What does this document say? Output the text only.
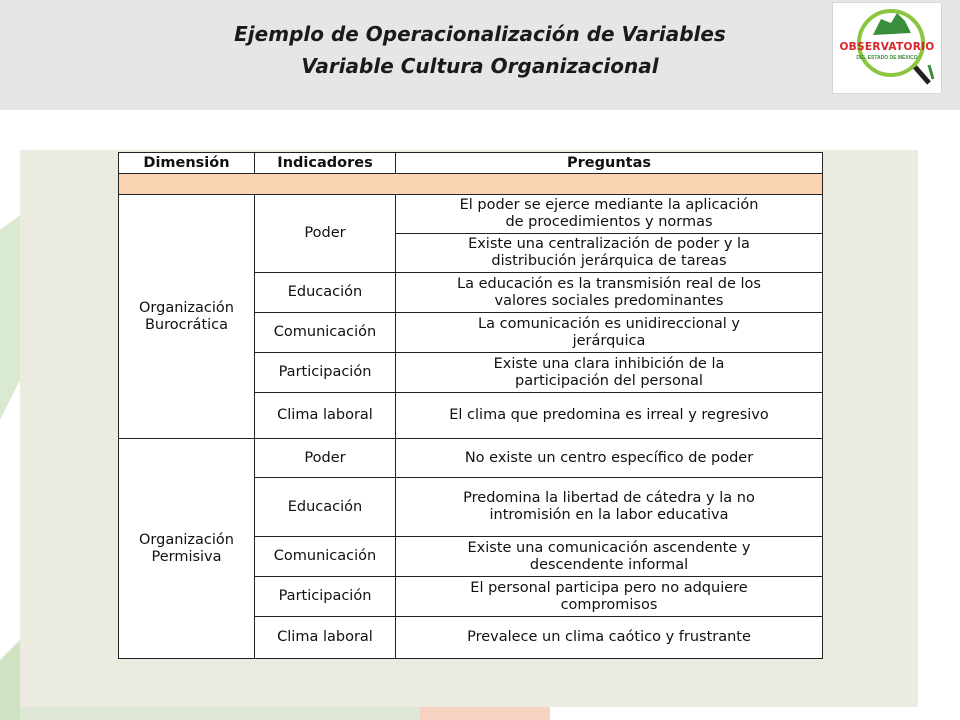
Ejemplo de Operacionalización de Variables
Variable Cultura Organizacional
OBSERVATORIO
DEL ESTADO DE MÉXICO
Dimensión	Indicadores	Preguntas

Organización Burocrática	Poder	El poder se ejerce mediante la aplicación
de procedimientos y normas

		Existe una centralización de poder y la
distribución jerárquica de tareas

	Educación	La educación es la transmisión real de los
valores sociales predominantes

	Comunicación	La comunicación es unidireccional y
jerárquica

	Participación	Existe una clara inhibición de la
participación del personal

	Clima laboral	El clima que predomina es irreal y regresivo

Organización Permisiva	Poder	No existe un centro específico de poder

	Educación	Predomina la libertad de cátedra y la no
intromisión en la labor educativa

	Comunicación	Existe una comunicación ascendente y
descendente informal

	Participación	El personal participa pero no adquiere
compromisos

	Clima laboral	Prevalece un clima caótico y frustrante
